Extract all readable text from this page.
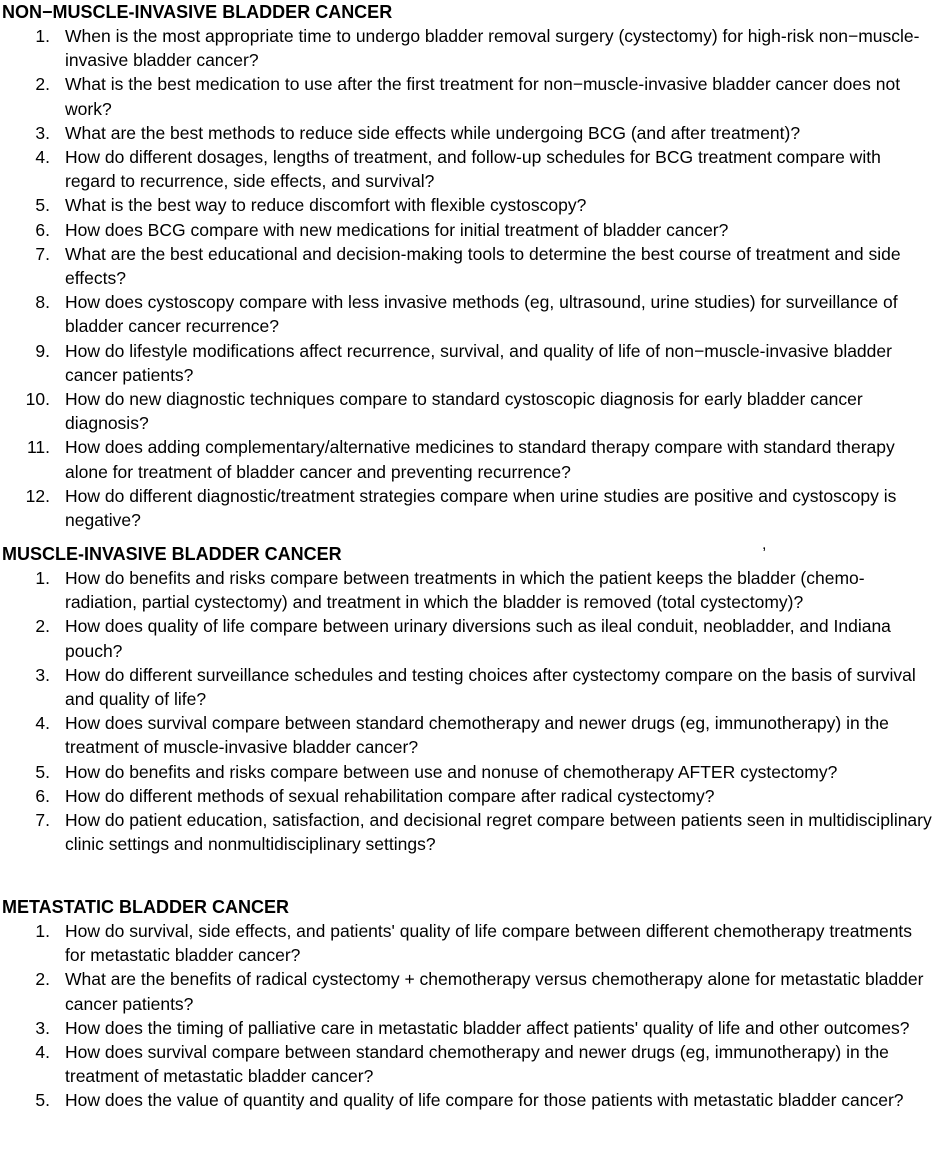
NON−MUSCLE-INVASIVE BLADDER CANCER
1. When is the most appropriate time to undergo bladder removal surgery (cystectomy) for high-risk non−muscle-invasive bladder cancer?
2. What is the best medication to use after the first treatment for non−muscle-invasive bladder cancer does not work?
3. What are the best methods to reduce side effects while undergoing BCG (and after treatment)?
4. How do different dosages, lengths of treatment, and follow-up schedules for BCG treatment compare with regard to recurrence, side effects, and survival?
5. What is the best way to reduce discomfort with flexible cystoscopy?
6. How does BCG compare with new medications for initial treatment of bladder cancer?
7. What are the best educational and decision-making tools to determine the best course of treatment and side effects?
8. How does cystoscopy compare with less invasive methods (eg, ultrasound, urine studies) for surveillance of bladder cancer recurrence?
9. How do lifestyle modifications affect recurrence, survival, and quality of life of non−muscle-invasive bladder cancer patients?
10. How do new diagnostic techniques compare to standard cystoscopic diagnosis for early bladder cancer diagnosis?
11. How does adding complementary/alternative medicines to standard therapy compare with standard therapy alone for treatment of bladder cancer and preventing recurrence?
12. How do different diagnostic/treatment strategies compare when urine studies are positive and cystoscopy is negative?
,
MUSCLE-INVASIVE BLADDER CANCER
1. How do benefits and risks compare between treatments in which the patient keeps the bladder (chemo-radiation, partial cystectomy) and treatment in which the bladder is removed (total cystectomy)?
2. How does quality of life compare between urinary diversions such as ileal conduit, neobladder, and Indiana pouch?
3. How do different surveillance schedules and testing choices after cystectomy compare on the basis of survival and quality of life?
4. How does survival compare between standard chemotherapy and newer drugs (eg, immunotherapy) in the treatment of muscle-invasive bladder cancer?
5. How do benefits and risks compare between use and nonuse of chemotherapy AFTER cystectomy?
6. How do different methods of sexual rehabilitation compare after radical cystectomy?
7. How do patient education, satisfaction, and decisional regret compare between patients seen in multidisciplinary clinic settings and nonmultidisciplinary settings?
METASTATIC BLADDER CANCER
1. How do survival, side effects, and patients' quality of life compare between different chemotherapy treatments for metastatic bladder cancer?
2. What are the benefits of radical cystectomy + chemotherapy versus chemotherapy alone for metastatic bladder cancer patients?
3. How does the timing of palliative care in metastatic bladder affect patients' quality of life and other outcomes?
4. How does survival compare between standard chemotherapy and newer drugs (eg, immunotherapy) in the treatment of metastatic bladder cancer?
5. How does the value of quantity and quality of life compare for those patients with metastatic bladder cancer?
